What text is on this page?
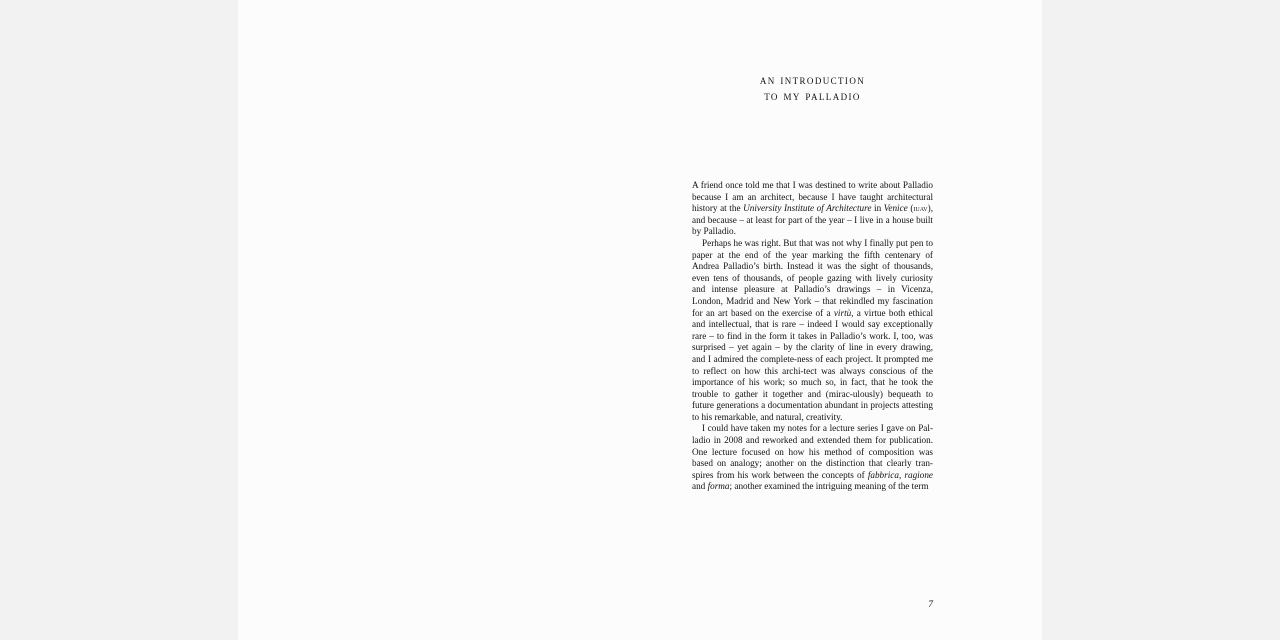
an introduction
to my palladio

A friend once told me that I was destined to write about Palladio because I am an architect, because I have taught architectural history at the University Institute of Architecture in Venice (iuav), and because – at least for part of the year – I live in a house built by Palladio.

Perhaps he was right. But that was not why I finally put pen to paper at the end of the year marking the fifth centenary of Andrea Palladio’s birth. Instead it was the sight of thousands, even tens of thousands, of people gazing with lively curiosity and intense pleasure at Palladio’s drawings – in Vicenza, London, Madrid and New York – that rekindled my fascination for an art based on the exercise of a virtù, a virtue both ethical and intellectual, that is rare – indeed I would say exceptionally rare – to find in the form it takes in Palladio’s work. I, too, was surprised – yet again – by the clarity of line in every drawing, and I admired the complete-ness of each project. It prompted me to reflect on how this archi-tect was always conscious of the importance of his work; so much so, in fact, that he took the trouble to gather it together and (mirac-ulously) bequeath to future generations a documentation abundant in projects attesting to his remarkable, and natural, creativity.

I could have taken my notes for a lecture series I gave on Pal-ladio in 2008 and reworked and extended them for publication. One lecture focused on how his method of composition was based on analogy; another on the distinction that clearly tran-spires from his work between the concepts of fabbrica, ragione and forma; another examined the intriguing meaning of the term

7
